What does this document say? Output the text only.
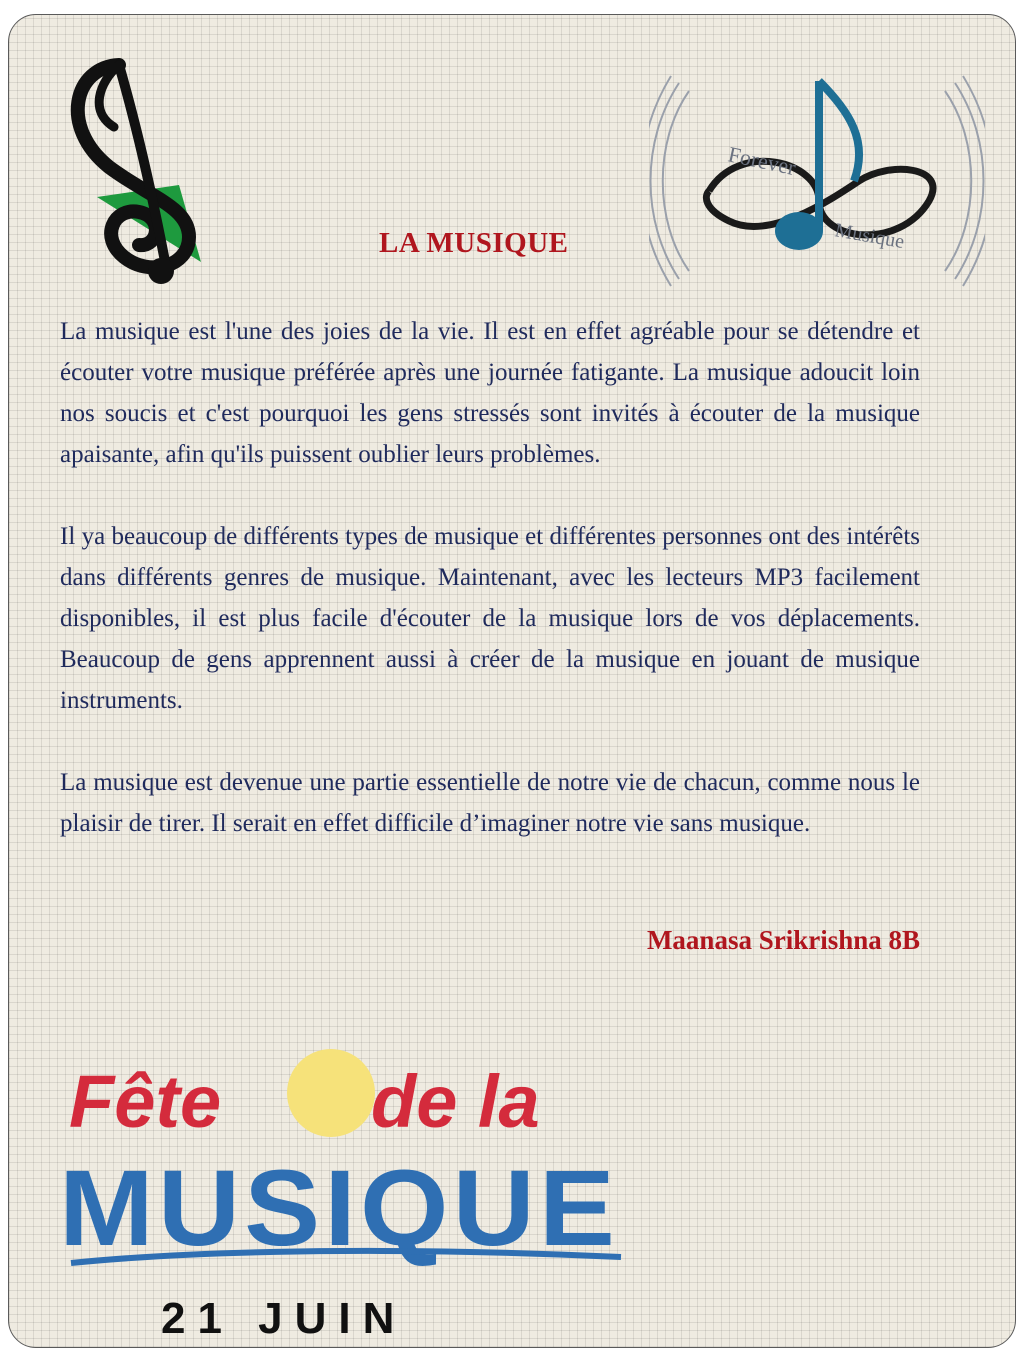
Forever
Musique
LA MUSIQUE

La musique est l'une des joies de la vie. Il est en effet agréable pour se détendre et écouter votre musique préférée après une journée fatigante. La musique adoucit loin nos soucis et c'est pourquoi les gens stressés sont invités à écouter de la musique apaisante, afin qu'ils puissent oublier leurs problèmes.

Il ya beaucoup de différents types de musique et différentes personnes ont des intérêts dans différents genres de musique. Maintenant, avec les lecteurs MP3 facilement disponibles, il est plus facile d'écouter de la musique lors de vos déplacements. Beaucoup de gens apprennent aussi à créer de la musique en jouant de musique instruments.

La musique est devenue une partie essentielle de notre vie de chacun, comme nous le plaisir de tirer. Il serait en effet difficile d’imaginer notre vie sans musique.

Maanasa Srikrishna 8B
Fête de la
MUSIQUE
21 JUIN
